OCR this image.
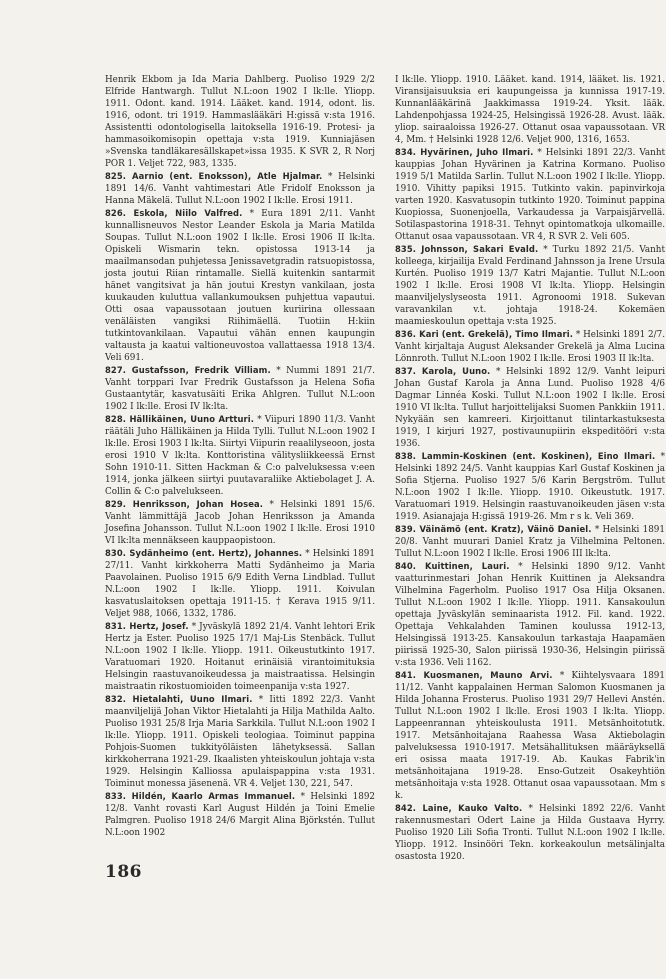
Henrik Ekbom ja Ida Maria Dahlberg. Puoliso 1929 2/2 Elfride Hantwargh. Tullut N.L:oon 1902 I lk:lle. Yliopp. 1911. Odont. kand. 1914. Lääket. kand. 1914, odont. lis. 1916, odont. tri 1919. Hammaslääkäri H:gissä v:sta 1916. Assistentti odontologisella laitoksella 1916-19. Protesi- ja hammasoikomisopin opettaja v:sta 1919. Kunniajäsen »Svenska tandläkaresällskapet»issa 1935. K SVR 2, R Norj POR 1. Veljet 722, 983, 1335.

825. Aarnio (ent. Enoksson), Atle Hjalmar. * Helsinki 1891 14/6. Vanht vahtimestari Atle Fridolf Enoksson ja Hanna Mäkelä. Tullut N.L:oon 1902 I lk:lle. Erosi 1911.

826. Eskola, Niilo Valfred. * Eura 1891 2/11. Vanht kunnallisneuvos Nestor Leander Eskola ja Maria Matilda Soupas. Tullut N.L:oon 1902 I lk:lle. Erosi 1906 II lk:lta. Opiskeli Wismarin tekn. opistossa 1913-14 ja maailmansodan puhjetessa Jenissavetgradin ratsuopistossa, josta joutui Riian rintamalle. Siellä kuitenkin santarmit hänet vangitsivat ja hän joutui Krestyn vankilaan, josta kuukauden kuluttua vallankumouksen puhjettua vapautui. Otti osaa vapaussotaan joutuen kuriirina ollessaan venäläisten vangiksi Riihimäellä. Tuotiin H:kiin tutkintovankilaan. Vapautui vähän ennen kaupungin valtausta ja kaatui valtioneuvostoa vallattaessa 1918 13/4. Veli 691.

827. Gustafsson, Fredrik Villiam. * Nummi 1891 21/7. Vanht torppari Ivar Fredrik Gustafsson ja Helena Sofia Gustaantytär, kasvatusäiti Erika Ahlgren. Tullut N.L:oon 1902 I lk:lle. Erosi IV lk:lta.

828. Hällikäinen, Uuno Artturi. * Viipuri 1890 11/3. Vanht räätäli Juho Hällikäinen ja Hilda Tylli. Tullut N.L:oon 1902 I lk:lle. Erosi 1903 I lk:lta. Siirtyi Viipurin reaalilyseoon, josta erosi 1910 V lk:lta. Konttoristina välitysliikkeessä Ernst Sohn 1910-11. Sitten Hackman & C:o palveluksessa v:een 1914, jonka jälkeen siirtyi puutavaraliike Aktiebolaget J. A. Collin & C:o palvelukseen.

829. Henriksson, Johan Hosea. * Helsinki 1891 15/6. Vanht lämmittäjä Jacob Johan Henriksson ja Amanda Josefina Johansson. Tullut N.L:oon 1902 I lk:lle. Erosi 1910 VI lk:lta mennäkseen kauppaopistoon.

830. Sydänheimo (ent. Hertz), Johannes. * Helsinki 1891 27/11. Vanht kirkkoherra Matti Sydänheimo ja Maria Paavolainen. Puoliso 1915 6/9 Edith Verna Lindblad. Tullut N.L:oon 1902 I lk:lle. Yliopp. 1911. Koivulan kasvatuslaitoksen opettaja 1911-15. † Kerava 1915 9/11. Veljet 988, 1066, 1332, 1786.

831. Hertz, Josef. * Jyväskylä 1892 21/4. Vanht lehtori Erik Hertz ja Ester. Puoliso 1925 17/1 Maj-Lis Stenbäck. Tullut N.L:oon 1902 I lk:lle. Yliopp. 1911. Oikeustutkinto 1917. Varatuomari 1920. Hoitanut erinäisiä virantoimituksia Helsingin raastuvanoikeudessa ja maistraatissa. Helsingin maistraatin rikostuomioiden toimeenpanija v:sta 1927.

832. Hietalahti, Uuno Ilmari. * Iitti 1892 22/3. Vanht maanviljelijä Johan Viktor Hietalahti ja Hilja Mathilda Aalto. Puoliso 1931 25/8 Irja Maria Sarkkila. Tullut N.L:oon 1902 I lk:lle. Yliopp. 1911. Opiskeli teologiaa. Toiminut pappina Pohjois-Suomen tukkityöläisten lähetyksessä. Sallan kirkkoherrana 1921-29. Ikaalisten yhteiskoulun johtaja v:sta 1929. Helsingin Kalliossa apulaispappina v:sta 1931. Toiminut monessa jäsenenä. VR 4. Veljet 130, 221, 547.

833. Hildén, Kaarlo Armas Immanuel. * Helsinki 1892 12/8. Vanht rovasti Karl August Hildén ja Toini Emelie Palmgren. Puoliso 1918 24/6 Margit Alina Björkstén. Tullut N.L:oon 1902

I lk:lle. Yliopp. 1910. Lääket. kand. 1914, lääket. lis. 1921. Viransijaisuuksia eri kaupungeissa ja kunnissa 1917-19. Kunnanlääkärinä Jaakkimassa 1919-24. Yksit. lääk. Lahdenpohjassa 1924-25, Helsingissä 1926-28. Avust. lääk. yliop. sairaaloissa 1926-27. Ottanut osaa vapaussotaan. VR 4, Mm. † Helsinki 1928 12/6. Veljet 900, 1316, 1653.

834. Hyvärinen, Juho Ilmari. * Helsinki 1891 22/3. Vanht kauppias Johan Hyvärinen ja Katrina Kormano. Puoliso 1919 5/1 Matilda Sarlin. Tullut N.L:oon 1902 I lk:lle. Yliopp. 1910. Vihitty papiksi 1915. Tutkinto vakin. papinvirkoja varten 1920. Kasvatusopin tutkinto 1920. Toiminut pappina Kuopiossa, Suonenjoella, Varkaudessa ja Varpaisjärvellä. Sotilaspastorina 1918-31. Tehnyt opintomatkoja ulkomaille. Ottanut osaa vapaussotaan. VR 4, R SVR 2. Veli 605.

835. Johnsson, Sakari Evald. * Turku 1892 21/5. Vanht kolleega, kirjailija Evald Ferdinand Jahnsson ja Irene Ursula Kurtén. Puoliso 1919 13/7 Katri Majantie. Tullut N.L:oon 1902 I lk:lle. Erosi 1908 VI lk:lta. Yliopp. Helsingin maanviljelyslyseosta 1911. Agronoomi 1918. Sukevan varavankilan v.t. johtaja 1918-24. Kokemäen maamieskoulun opettaja v:sta 1925.

836. Kari (ent. Grekelä), Timo Ilmari. * Helsinki 1891 2/7. Vanht kirjaltaja August Aleksander Grekelä ja Alma Lucina Lönnroth. Tullut N.L:oon 1902 I lk:lle. Erosi 1903 II lk:lta.

837. Karola, Uuno. * Helsinki 1892 12/9. Vanht leipuri Johan Gustaf Karola ja Anna Lund. Puoliso 1928 4/6 Dagmar Linnéa Koski. Tullut N.L:oon 1902 I lk:lle. Erosi 1910 VI lk:lta. Tullut harjoittelijaksi Suomen Pankkiin 1911. Nykyään sen kamreeri. Kirjoittanut tilintarkastuksesta 1919, I kirjuri 1927, postivaunupiirin ekspeditööri v:sta 1936.

838. Lammin-Koskinen (ent. Koskinen), Eino Ilmari. * Helsinki 1892 24/5. Vanht kauppias Karl Gustaf Koskinen ja Sofia Stjerna. Puoliso 1927 5/6 Karin Bergström. Tullut N.L:oon 1902 I lk:lle. Yliopp. 1910. Oikeustutk. 1917. Varatuomari 1919. Helsingin raastuvanoikeuden jäsen v:sta 1919. Asianajaja H:gissä 1919-26. Mm r s k. Veli 369.

839. Väinämö (ent. Kratz), Väinö Daniel. * Helsinki 1891 20/8. Vanht muurari Daniel Kratz ja Vilhelmina Peltonen. Tullut N.L:oon 1902 I lk:lle. Erosi 1906 III lk:lta.

840. Kuittinen, Lauri. * Helsinki 1890 9/12. Vanht vaatturinmestari Johan Henrik Kuittinen ja Aleksandra Vilhelmina Fagerholm. Puoliso 1917 Osa Hilja Oksanen. Tullut N.L:oon 1902 I lk:lle. Yliopp. 1911. Kansakoulun opettaja Jyväskylän seminaarista 1912. Fil. kand. 1922. Opettaja Vehkalahden Taminen koulussa 1912-13, Helsingissä 1913-25. Kansakoulun tarkastaja Haapamäen piirissä 1925-30, Salon piirissä 1930-36, Helsingin piirissä v:sta 1936. Veli 1162.

841. Kuosmanen, Mauno Arvi. * Kiihtelysvaara 1891 11/12. Vanht kappalainen Herman Salomon Kuosmanen ja Hilda Johanna Frosterus. Puoliso 1931 29/7 Hellevi Anstén. Tullut N.L:oon 1902 I lk:lle. Erosi 1903 I lk:lta. Yliopp. Lappeenrannan yhteiskoulusta 1911. Metsänhoitotutk. 1917. Metsänhoitajana Raahessa Wasa Aktiebolagin palveluksessa 1910-1917. Metsähallituksen määräyksellä eri osissa maata 1917-19. Ab. Kaukas Fabrik'in metsänhoitajana 1919-28. Enso-Gutzeit Osakeyhtiön metsänhoitaja v:sta 1928. Ottanut osaa vapaussotaan. Mm s k.

842. Laine, Kauko Valto. * Helsinki 1892 22/6. Vanht rakennusmestari Odert Laine ja Hilda Gustaava Hyrry. Puoliso 1920 Lili Sofia Tronti. Tullut N.L:oon 1902 I lk:lle. Yliopp. 1912. Insinööri Tekn. korkeakoulun metsälinjalta osastosta 1920.

186
